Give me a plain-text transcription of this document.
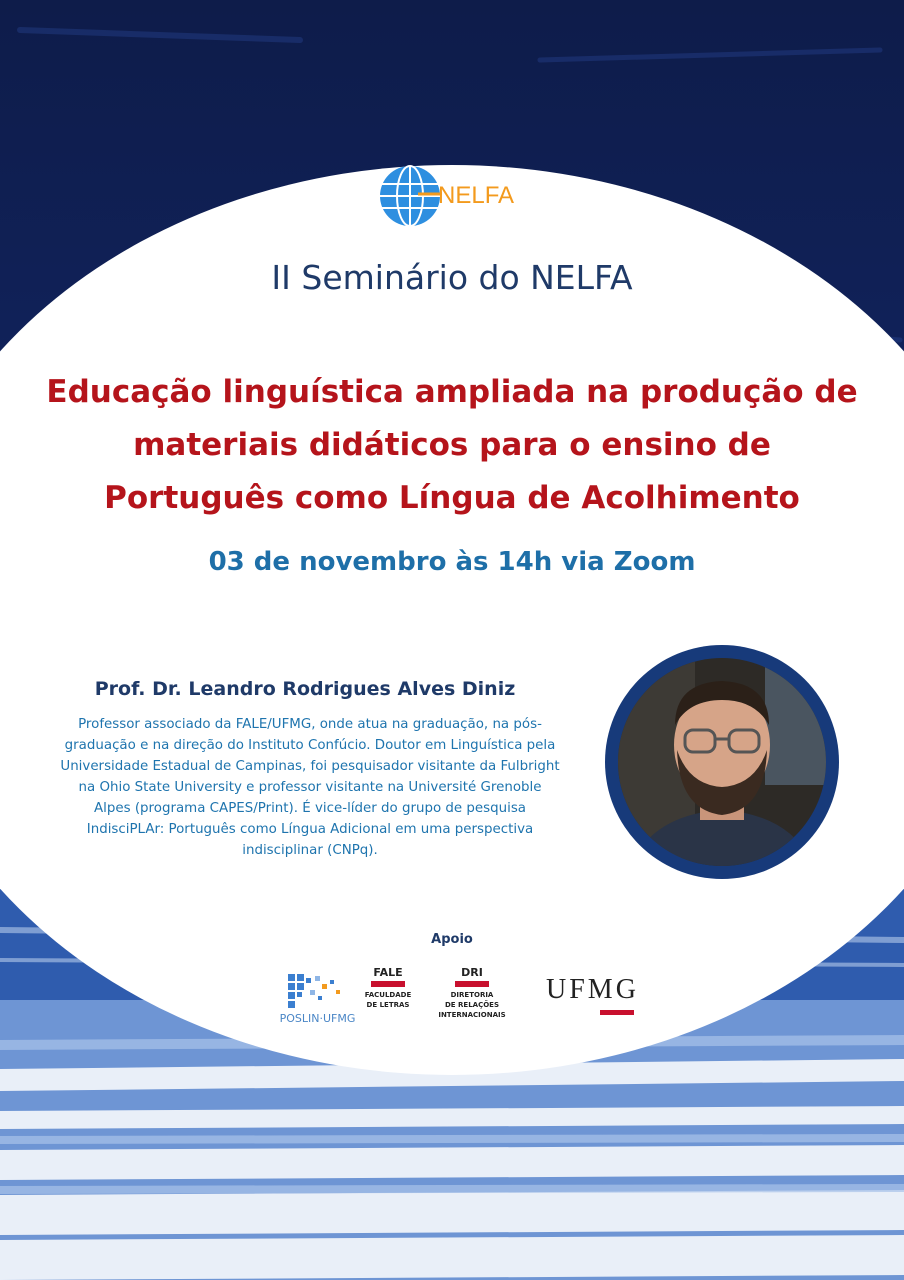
NELFA
II Seminário do NELFA
Educação linguística ampliada na produção de materiais didáticos para o ensino de Português como Língua de Acolhimento
03 de novembro às 14h via Zoom
Prof. Dr. Leandro Rodrigues Alves Diniz
Professor associado da FALE/UFMG, onde atua na graduação, na pós-graduação e na direção do Instituto Confúcio. Doutor em Linguística pela Universidade Estadual de Campinas, foi pesquisador visitante da Fulbright na Ohio State University e professor visitante na Université Grenoble Alpes (programa CAPES/Print). É vice-líder do grupo de pesquisa IndisciPLAr: Português como Língua Adicional em uma perspectiva indisciplinar (CNPq).
Apoio
POSLIN·UFMG
FALE
FACULDADE
DE LETRAS
DRI
DIRETORIA
DE RELAÇÕES
INTERNACIONAIS
UFMG
